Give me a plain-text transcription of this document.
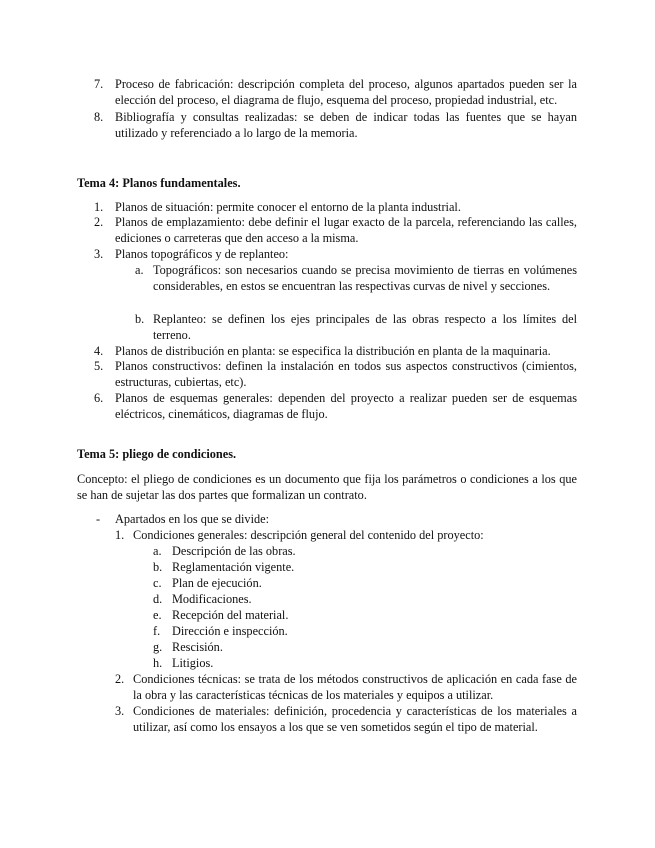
7. Proceso de fabricación: descripción completa del proceso, algunos apartados pueden ser la elección del proceso, el diagrama de flujo, esquema del proceso, propiedad industrial, etc.
8. Bibliografía y consultas realizadas: se deben de indicar todas las fuentes que se hayan utilizado y referenciado a lo largo de la memoria.
Tema 4: Planos fundamentales.
1. Planos de situación: permite conocer el entorno de la planta industrial.
2. Planos de emplazamiento: debe definir el lugar exacto de la parcela, referenciando las calles, ediciones o carreteras que den acceso a la misma.
3. Planos topográficos y de replanteo:
a. Topográficos: son necesarios cuando se precisa movimiento de tierras en volúmenes considerables, en estos se encuentran las respectivas curvas de nivel y secciones.
b. Replanteo: se definen los ejes principales de las obras respecto a los límites del terreno.
4. Planos de distribución en planta: se especifica la distribución en planta de la maquinaria.
5. Planos constructivos: definen la instalación en todos sus aspectos constructivos (cimientos, estructuras, cubiertas, etc).
6. Planos de esquemas generales: dependen del proyecto a realizar pueden ser de esquemas eléctricos, cinemáticos, diagramas de flujo.
Tema 5: pliego de condiciones.
Concepto: el pliego de condiciones es un documento que fija los parámetros o condiciones a los que se han de sujetar las dos partes que formalizan un contrato.
- Apartados en los que se divide:
1. Condiciones generales: descripción general del contenido del proyecto:
a. Descripción de las obras.
b. Reglamentación vigente.
c. Plan de ejecución.
d. Modificaciones.
e. Recepción del material.
f. Dirección e inspección.
g. Rescisión.
h. Litigios.
2. Condiciones técnicas: se trata de los métodos constructivos de aplicación en cada fase de la obra y las características técnicas de los materiales y equipos a utilizar.
3. Condiciones de materiales: definición, procedencia y características de los materiales a utilizar, así como los ensayos a los que se ven sometidos según el tipo de material.
